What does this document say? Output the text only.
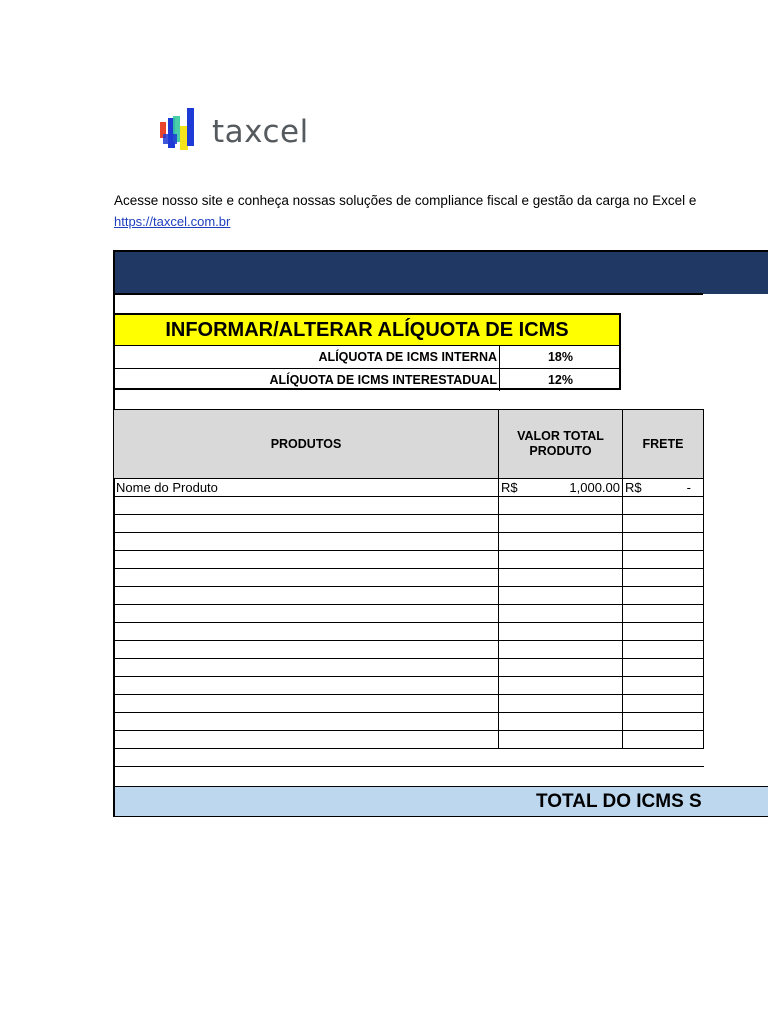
taxcel
Acesse nosso site e conheça nossas soluções de compliance fiscal e gestão da carga no Excel e
https://taxcel.com.br
INFORMAR/ALTERAR ALÍQUOTA DE ICMS
ALÍQUOTA DE ICMS INTERNA	18%
ALÍQUOTA DE ICMS INTERESTADUAL	12%
PRODUTOS	VALOR TOTAL PRODUTO	FRETE
Nome do Produto	R$ 1,000.00	R$ -

TOTAL DO ICMS S
